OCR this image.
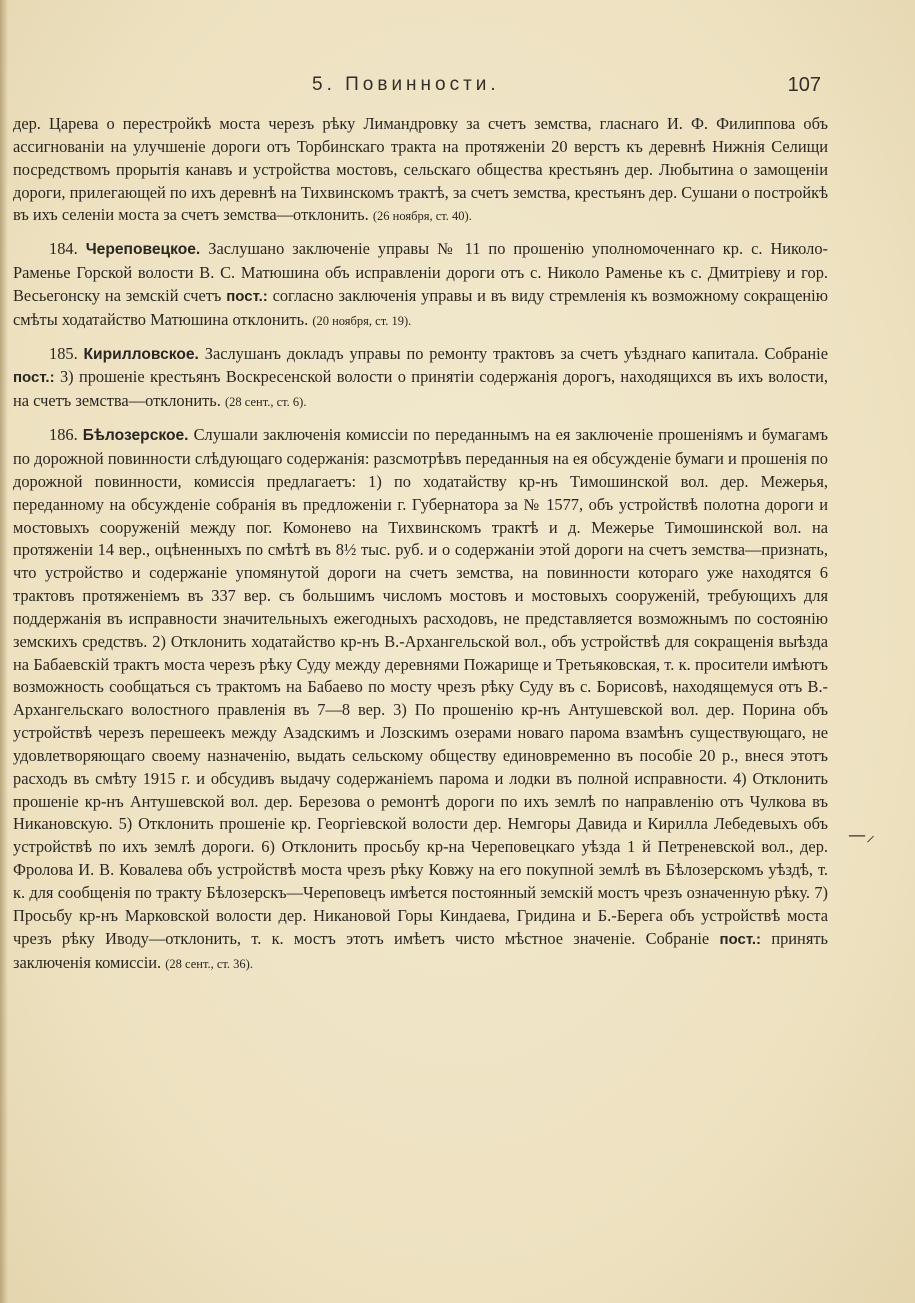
5. Повинности.	107

дер. Царева о перестройкѣ моста черезъ рѣку Лимандровку за счетъ земства, гласнаго И. Ф. Филиппова объ ассигнованіи на улучшеніе дороги отъ Торбинскаго тракта на протяженіи 20 верстъ къ деревнѣ Нижнія Селищи посредствомъ прорытія канавъ и устройства мостовъ, сельскаго общества крестьянъ дер. Любытина о замощеніи дороги, прилегающей по ихъ деревнѣ на Тихвинскомъ трактѣ, за счетъ земства, крестьянъ дер. Сушани о постройкѣ въ ихъ селеніи моста за счетъ земства—отклонить. (26 ноября, ст. 40).

184. Череповецкое. Заслушано заключеніе управы № 11 по прошенію уполномоченнаго кр. с. Николо-Раменье Горской волости В. С. Матюшина объ исправленіи дороги отъ с. Николо Раменье къ с. Дмитріеву и гор. Весьегонску на земскій счетъ пост.: согласно заключенія управы и въ виду стремленія къ возможному сокращенію смѣты ходатайство Матюшина отклонить. (20 ноября, ст. 19).

185. Кирилловское. Заслушанъ докладъ управы по ремонту трактовъ за счетъ уѣзднаго капитала. Собраніе пост.: 3) прошеніе крестьянъ Воскресенской волости о принятіи содержанія дорогъ, находящихся въ ихъ волости, на счетъ земства—отклонить. (28 сент., ст. 6).

186. Бѣлозерское. Слушали заключенія комиссіи по переданнымъ на ея заключеніе прошеніямъ и бумагамъ по дорожной повинности слѣдующаго содержанія: разсмотрѣвъ переданныя на ея обсужденіе бумаги и прошенія по дорожной повинности, комиссія предлагаетъ: 1) по ходатайству кр-нъ Тимошинской вол. дер. Межерья, переданному на обсужденіе собранія въ предложеніи г. Губернатора за № 1577, объ устройствѣ полотна дороги и мостовыхъ сооруженій между пог. Комонево на Тихвинскомъ трактѣ и д. Межерье Тимошинской вол. на протяженіи 14 вер., оцѣненныхъ по смѣтѣ въ 8½ тыс. руб. и о содержаніи этой дороги на счетъ земства—признать, что устройство и содержаніе упомянутой дороги на счетъ земства, на повинности котораго уже находятся 6 трактовъ протяженіемъ въ 337 вер. съ большимъ числомъ мостовъ и мостовыхъ сооруженій, требующихъ для поддержанія въ исправности значительныхъ ежегодныхъ расходовъ, не представляется возможнымъ по состоянію земскихъ средствъ. 2) Отклонить ходатайство кр-нъ В.-Архангельской вол., объ устройствѣ для сокращенія выѣзда на Бабаевскій трактъ моста черезъ рѣку Суду между деревнями Пожарище и Третьяковская, т. к. просители имѣютъ возможность сообщаться съ трактомъ на Бабаево по мосту чрезъ рѣку Суду въ с. Борисовѣ, находящемуся отъ В.-Архангельскаго волостного правленія въ 7—8 вер. 3) По прошенію кр-нъ Антушевской вол. дер. Порина объ устройствѣ черезъ перешеекъ между Азадскимъ и Лозскимъ озерами новаго парома взамѣнъ существующаго, не удовлетворяющаго своему назначенію, выдать сельскому обществу единовременно въ пособіе 20 р., внеся этотъ расходъ въ смѣту 1915 г. и обсудивъ выдачу содержаніемъ парома и лодки въ полной исправности. 4) Отклонить прошеніе кр-нъ Антушевской вол. дер. Березова о ремонтѣ дороги по ихъ землѣ по направленію отъ Чулкова въ Никановскую. 5) Отклонить прошеніе кр. Георгіевской волости дер. Немгоры Давида и Кирилла Лебедевыхъ объ устройствѣ по ихъ землѣ дороги. 6) Отклонить просьбу кр-на Череповецкаго уѣзда 1 й Петреневской вол., дер. Фролова И. В. Ковалева объ устройствѣ моста чрезъ рѣку Ковжу на его покупной землѣ въ Бѣлозерскомъ уѣздѣ, т. к. для сообщенія по тракту Бѣлозерскъ—Череповецъ имѣется постоянный земскій мостъ чрезъ означенную рѣку. 7) Просьбу кр-нъ Марковской волости дер. Никановой Горы Киндаева, Гридина и Б.-Берега объ устройствѣ моста чрезъ рѣку Иводу—отклонить, т. к. мостъ этотъ имѣетъ чисто мѣстное значеніе. Собраніе пост.: принять заключенія комиссіи. (28 сент., ст. 36).

—⸝
